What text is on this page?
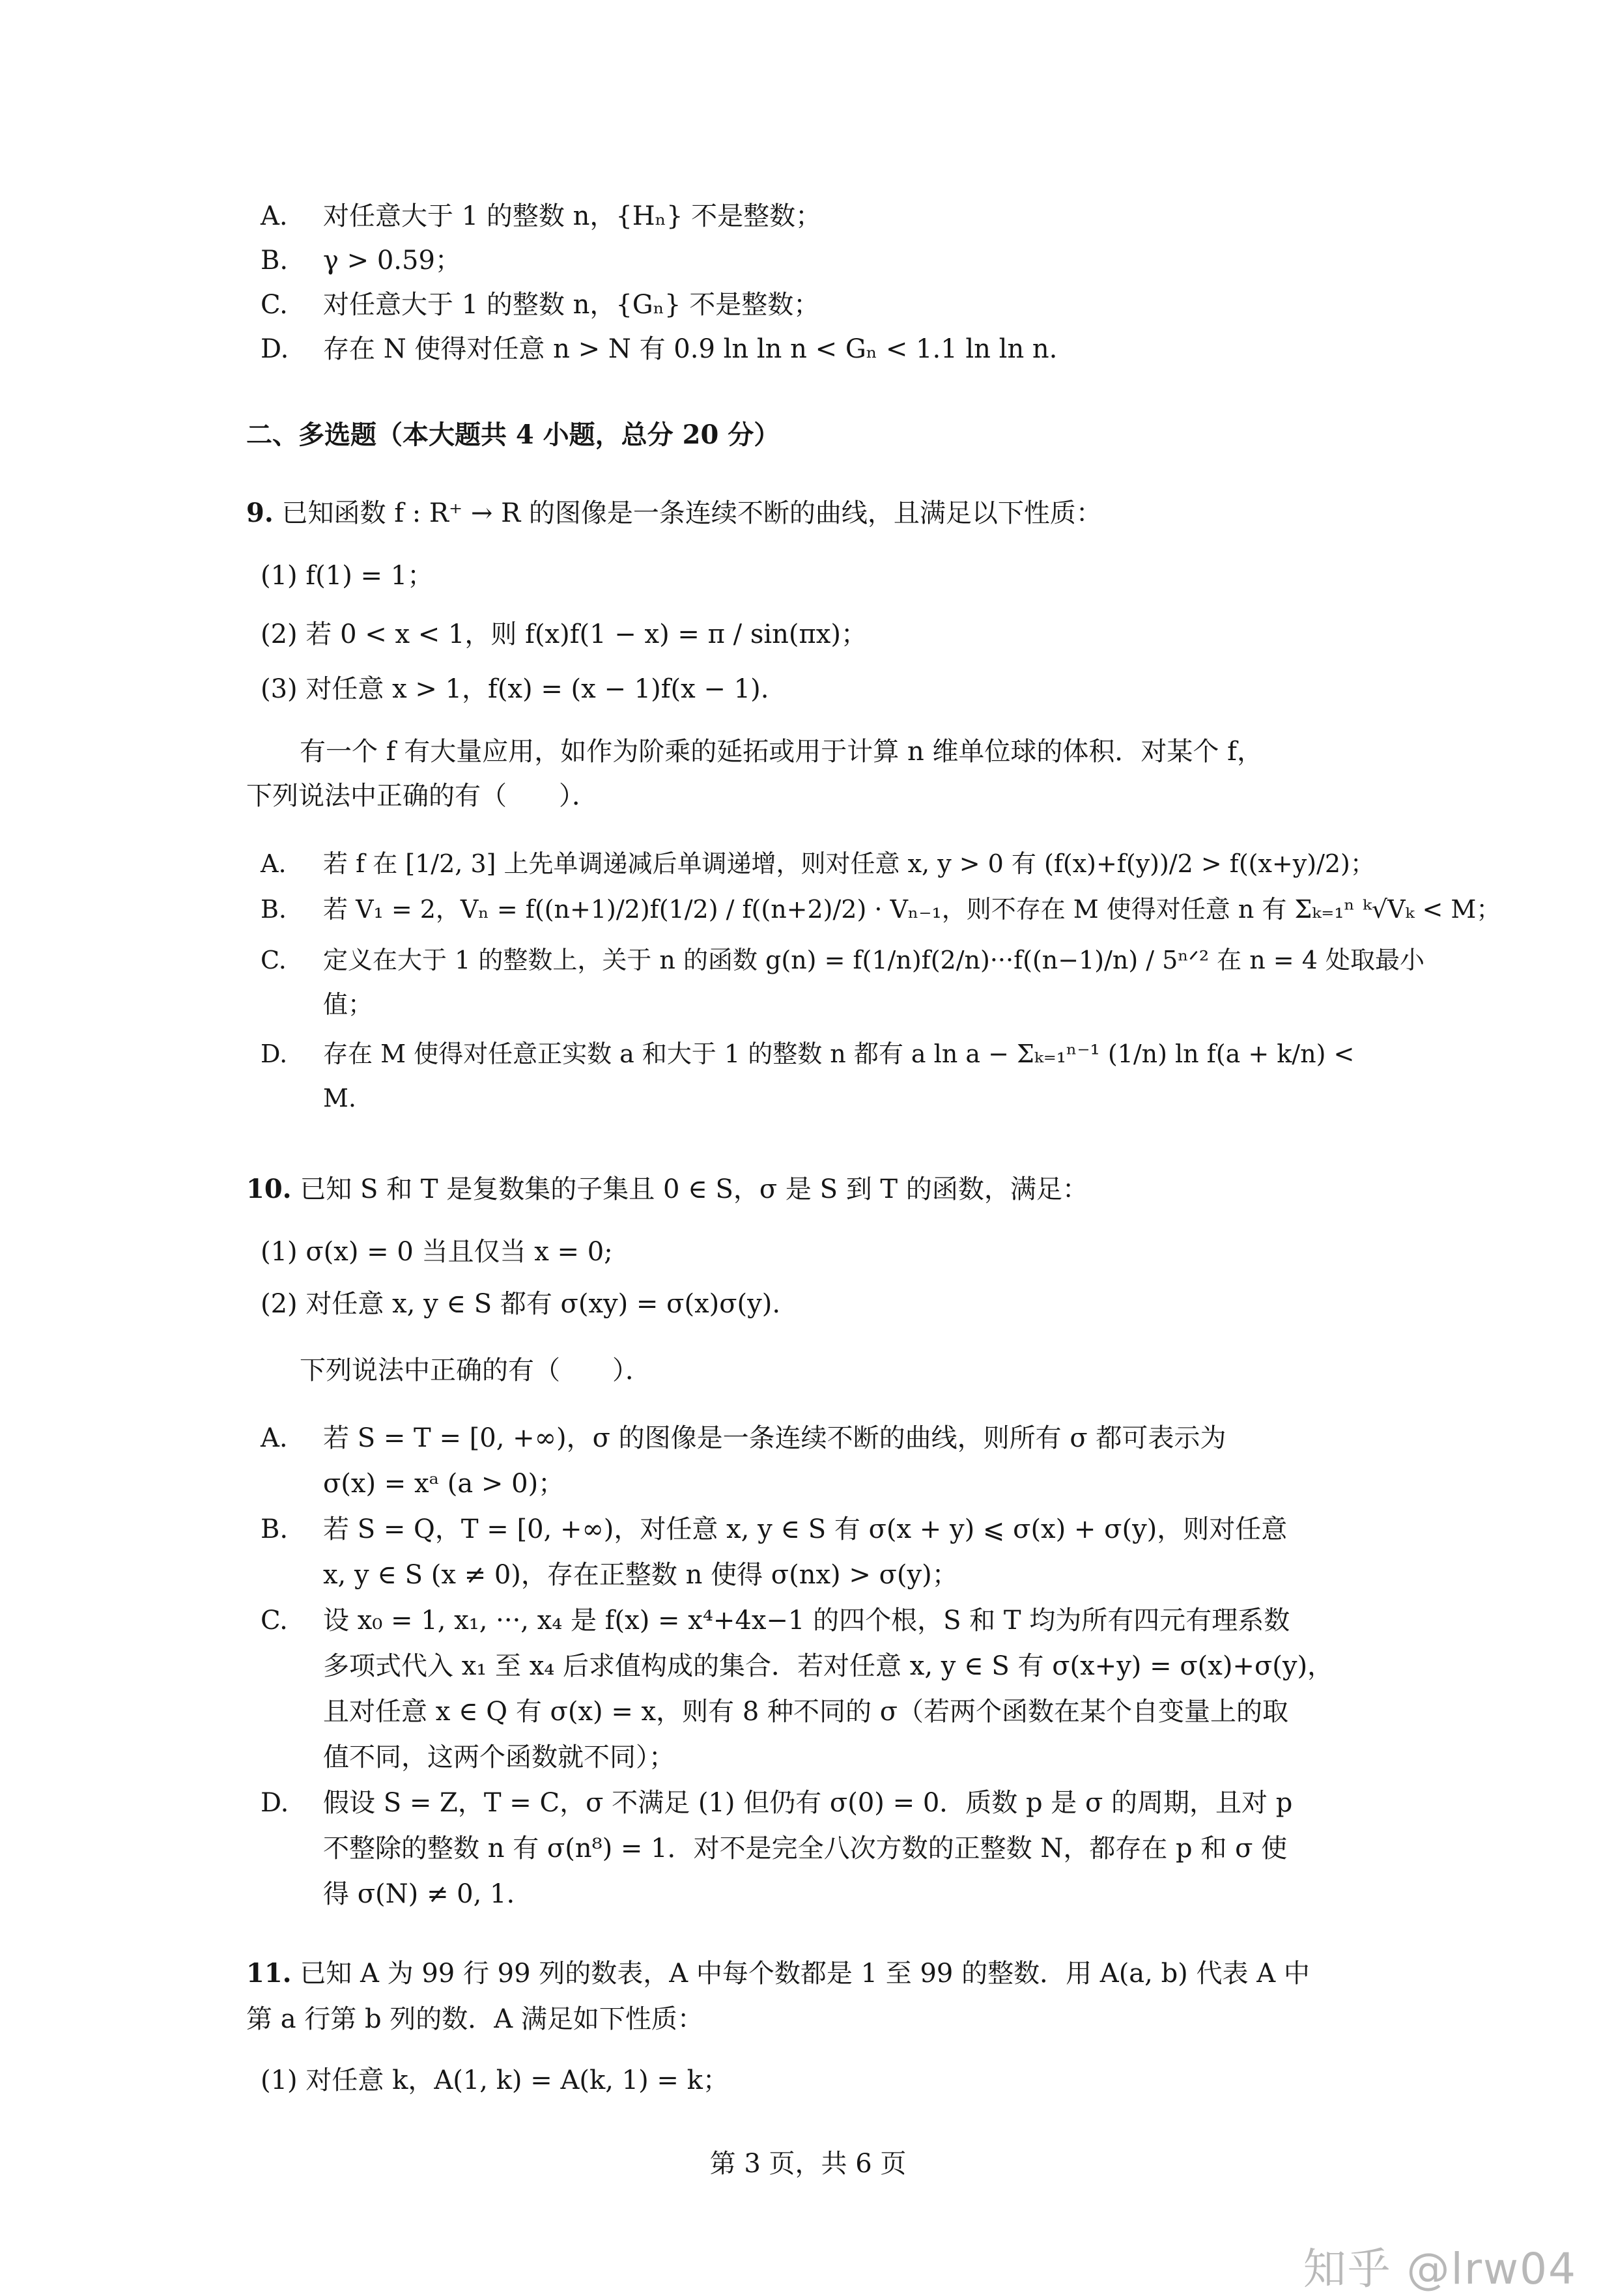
A. 对任意大于 1 的整数 n，{Hₙ} 不是整数；
B. γ > 0.59；
C. 对任意大于 1 的整数 n，{Gₙ} 不是整数；
D. 存在 N 使得对任意 n > N 有 0.9 ln ln n < Gₙ < 1.1 ln ln n.
二、多选题（本大题共 4 小题，总分 20 分）
9. 已知函数 f : R⁺ → R 的图像是一条连续不断的曲线，且满足以下性质：
(1) f(1) = 1；
(2) 若 0 < x < 1，则 f(x)f(1 − x) = π / sin(πx)；
(3) 对任意 x > 1，f(x) = (x − 1)f(x − 1).
有一个 f 有大量应用，如作为阶乘的延拓或用于计算 n 维单位球的体积．对某个 f，
下列说法中正确的有（　　）．
A. 若 f 在 [1/2, 3] 上先单调递减后单调递增，则对任意 x, y > 0 有 (f(x)+f(y))/2 > f((x+y)/2)；
B. 若 V₁ = 2，Vₙ = f((n+1)/2)f(1/2) / f((n+2)/2) · Vₙ₋₁，则不存在 M 使得对任意 n 有 Σₖ₌₁ⁿ ᵏ√Vₖ < M；
C. 定义在大于 1 的整数上，关于 n 的函数 g(n) = f(1/n)f(2/n)···f((n−1)/n) / 5ⁿᐟ² 在 n = 4 处取最小
值；
D. 存在 M 使得对任意正实数 a 和大于 1 的整数 n 都有 a ln a − Σₖ₌₁ⁿ⁻¹ (1/n) ln f(a + k/n) <
M.
10. 已知 S 和 T 是复数集的子集且 0 ∈ S，σ 是 S 到 T 的函数，满足：
(1) σ(x) = 0 当且仅当 x = 0;
(2) 对任意 x, y ∈ S 都有 σ(xy) = σ(x)σ(y).
下列说法中正确的有（　　）．
A. 若 S = T = [0, +∞)，σ 的图像是一条连续不断的曲线，则所有 σ 都可表示为
σ(x) = xᵃ (a > 0)；
B. 若 S = Q，T = [0, +∞)，对任意 x, y ∈ S 有 σ(x + y) ⩽ σ(x) + σ(y)，则对任意
x, y ∈ S (x ≠ 0)，存在正整数 n 使得 σ(nx) > σ(y)；
C. 设 x₀ = 1, x₁, ···, x₄ 是 f(x) = x⁴+4x−1 的四个根，S 和 T 均为所有四元有理系数
多项式代入 x₁ 至 x₄ 后求值构成的集合．若对任意 x, y ∈ S 有 σ(x+y) = σ(x)+σ(y)，
且对任意 x ∈ Q 有 σ(x) = x，则有 8 种不同的 σ（若两个函数在某个自变量上的取
值不同，这两个函数就不同）；
D. 假设 S = Z，T = C，σ 不满足 (1) 但仍有 σ(0) = 0．质数 p 是 σ 的周期，且对 p
不整除的整数 n 有 σ(n⁸) = 1．对不是完全八次方数的正整数 N，都存在 p 和 σ 使
得 σ(N) ≠ 0, 1.
11. 已知 A 为 99 行 99 列的数表，A 中每个数都是 1 至 99 的整数．用 A(a, b) 代表 A 中
第 a 行第 b 列的数．A 满足如下性质：
(1) 对任意 k，A(1, k) = A(k, 1) = k；
第 3 页，共 6 页
知乎 @lrw04
